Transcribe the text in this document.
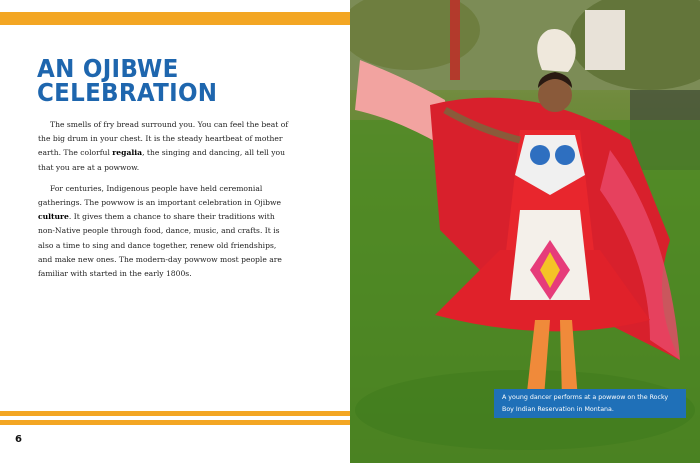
AN OJIBWE
CELEBRATION

The smells of fry bread surround you. You can feel the beat of the big drum in your chest. It is the steady heartbeat of mother earth. The colorful regalia, the singing and dancing, all tell you that you are at a powwow.

For centuries, Indigenous people have held ceremonial gatherings. The powwow is an important celebration in Ojibwe culture. It gives them a chance to share their traditions with non-Native people through food, dance, music, and crafts. It is also a time to sing and dance together, renew old friendships, and make new ones. The modern-day powwow most people are familiar with started in the early 1800s.

6
A young dancer performs at a powwow on the Rocky Boy Indian Reservation in Montana.
